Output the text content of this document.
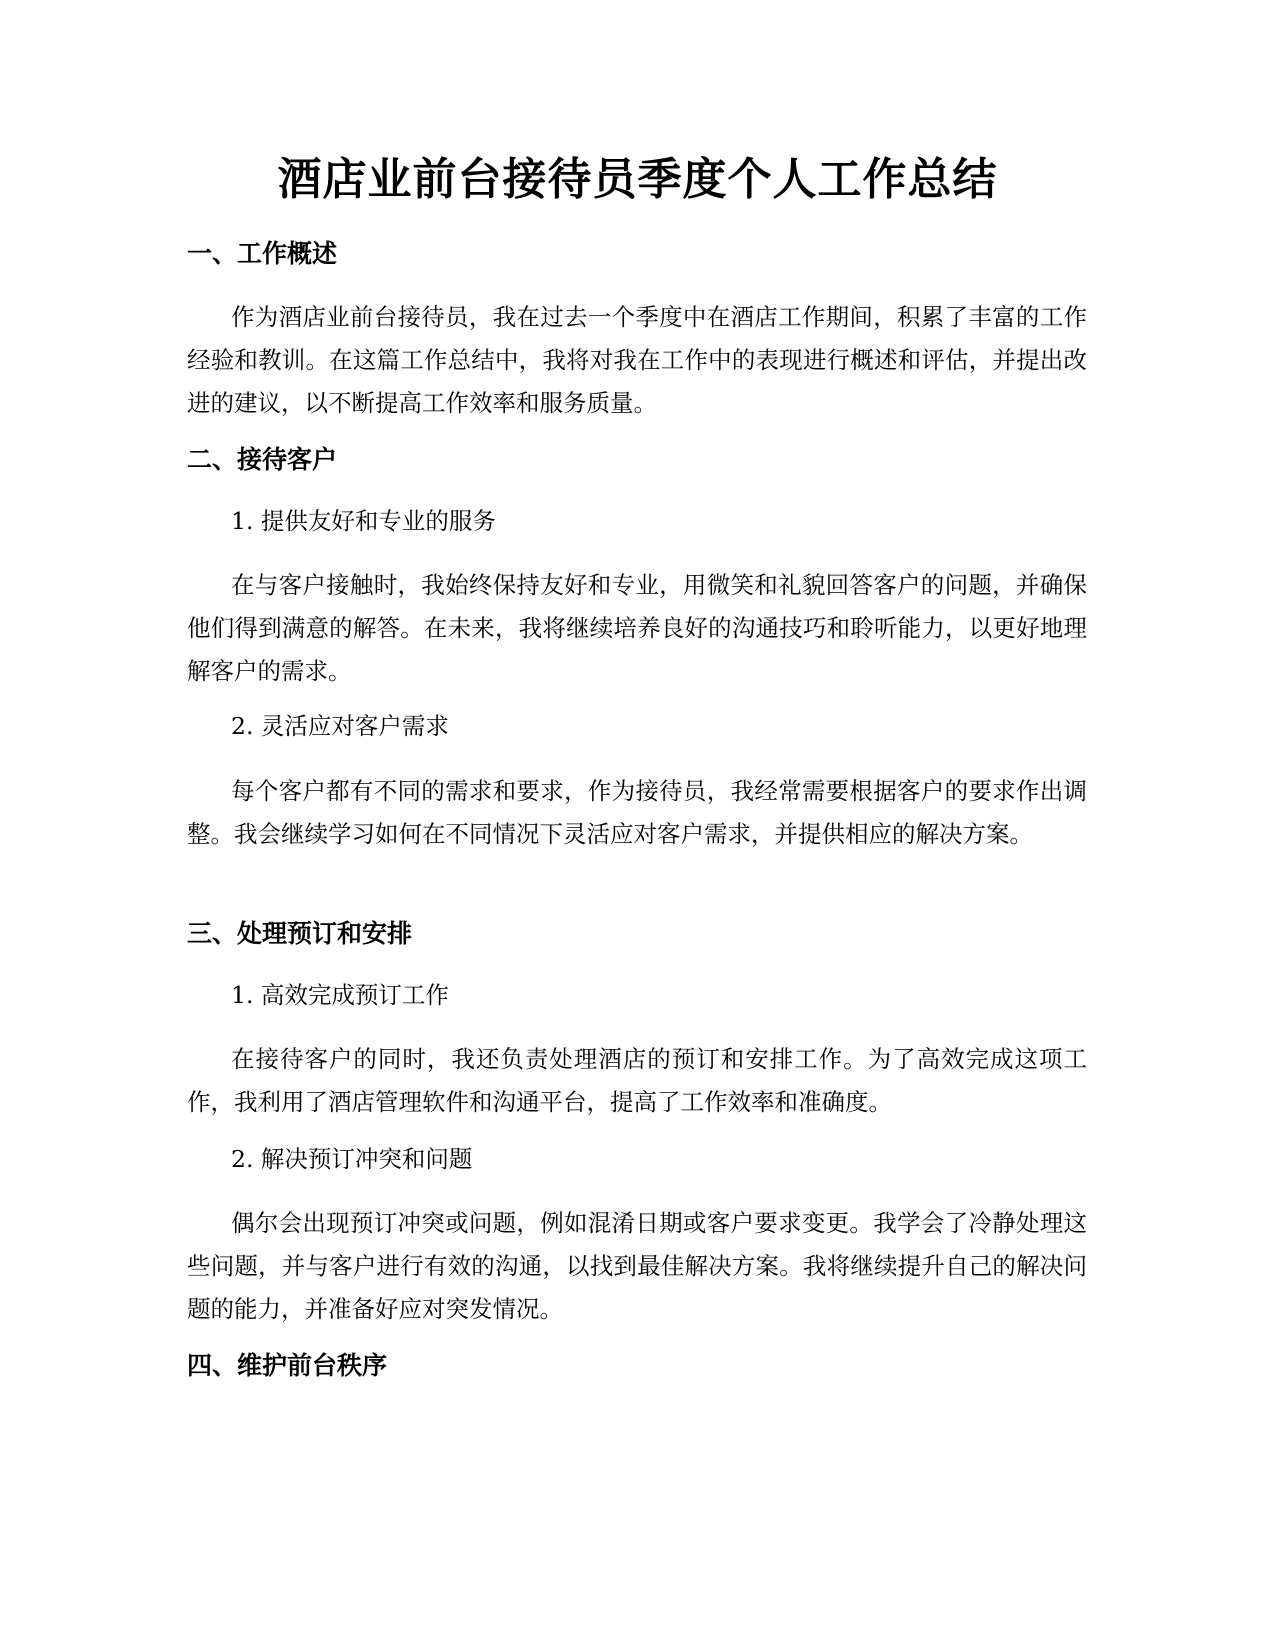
酒店业前台接待员季度个人工作总结
一、工作概述

作为酒店业前台接待员，我在过去一个季度中在酒店工作期间，积累了丰富的工作经验和教训。在这篇工作总结中，我将对我在工作中的表现进行概述和评估，并提出改进的建议，以不断提高工作效率和服务质量。

二、接待客户
1. 提供友好和专业的服务

在与客户接触时，我始终保持友好和专业，用微笑和礼貌回答客户的问题，并确保他们得到满意的解答。在未来，我将继续培养良好的沟通技巧和聆听能力，以更好地理解客户的需求。

2. 灵活应对客户需求

每个客户都有不同的需求和要求，作为接待员，我经常需要根据客户的要求作出调整。我会继续学习如何在不同情况下灵活应对客户需求，并提供相应的解决方案。

三、处理预订和安排
1. 高效完成预订工作

在接待客户的同时，我还负责处理酒店的预订和安排工作。为了高效完成这项工作，我利用了酒店管理软件和沟通平台，提高了工作效率和准确度。

2. 解决预订冲突和问题

偶尔会出现预订冲突或问题，例如混淆日期或客户要求变更。我学会了冷静处理这些问题，并与客户进行有效的沟通，以找到最佳解决方案。我将继续提升自己的解决问题的能力，并准备好应对突发情况。

四、维护前台秩序
